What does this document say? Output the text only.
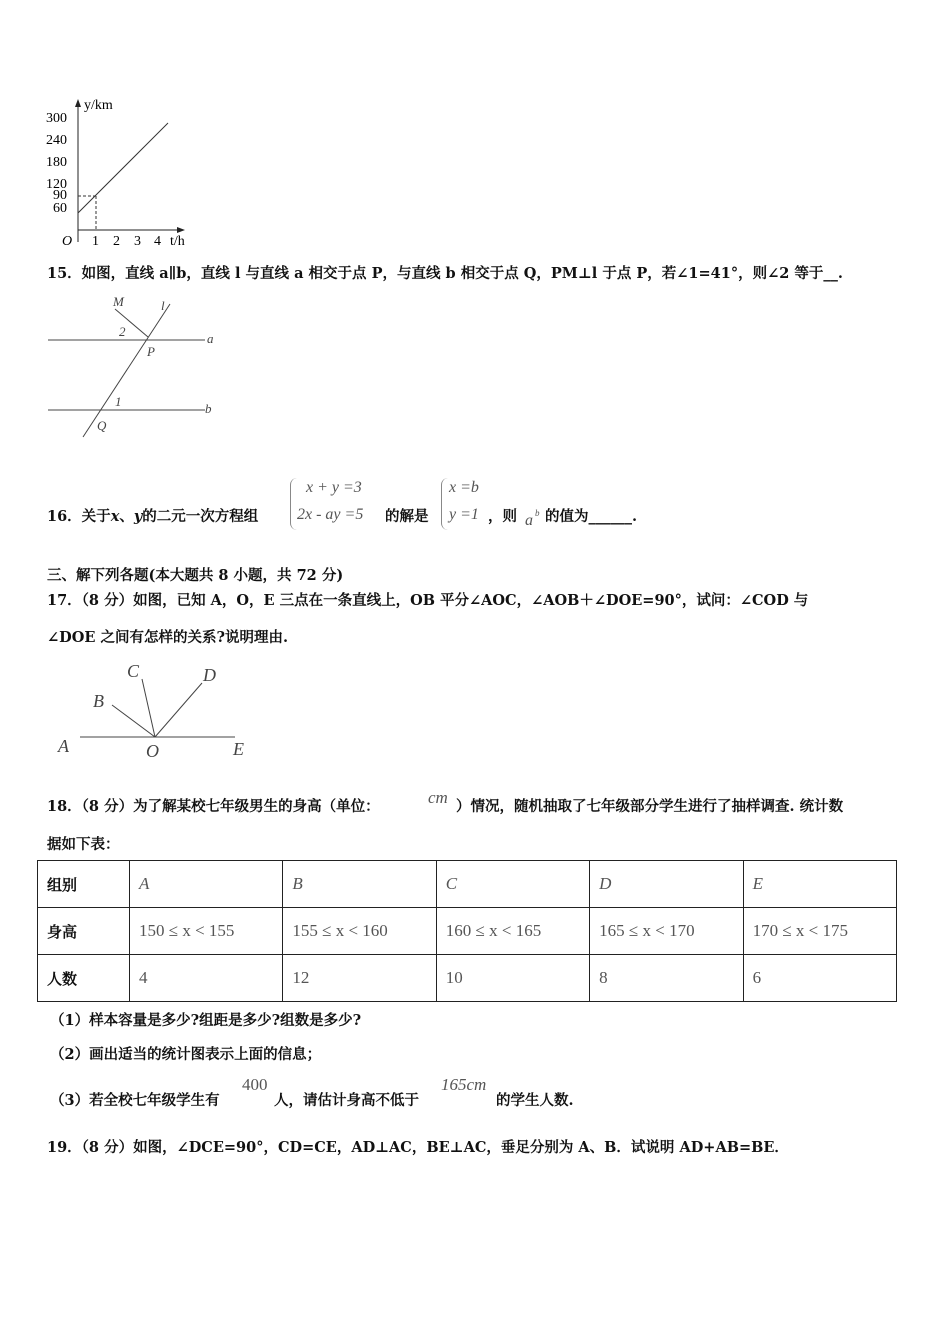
y/km
300
240
180
120
90
60
O 1 2 3 4 t/h
15．如图，直线 a∥b，直线 l 与直线 a 相交于点 P，与直线 b 相交于点 Q，PM⊥l 于点 P，若∠1=41°，则∠2 等于__.
M	l
2
P
a
1
Q
b
16．关于x、y的二元一次方程组
x + y =3
2x - ay =5 的解是
x =b
y =1 ，则 a b 的值为______.
三、解下列各题(本大题共 8 小题，共 72 分)
17．（8 分）如图，已知 A，O，E 三点在一条直线上，OB 平分∠AOC，∠AOB＋∠DOE=90°，试问：∠COD 与
∠DOE 之间有怎样的关系?说明理由.
A
B
C	D
O	E
18．（8 分）为了解某校七年级男生的身高（单位：	cm ）情况，随机抽取了七年级部分学生进行了抽样调查. 统计数
据如下表：
组别	A	B	C	D	E
身高	150 ≤ x < 155	155 ≤ x < 160	160 ≤ x < 165	165 ≤ x < 170	170 ≤ x < 175
人数	4	12	10	8	6
（1）样本容量是多少?组距是多少?组数是多少?
（2）画出适当的统计图表示上面的信息；
（3）若全校七年级学生有
400
人，请估计身高不低于
165cm
的学生人数.
19．（8 分）如图，∠DCE=90°，CD=CE，AD⊥AC，BE⊥AC，垂足分别为 A、B．试说明 AD+AB=BE．
